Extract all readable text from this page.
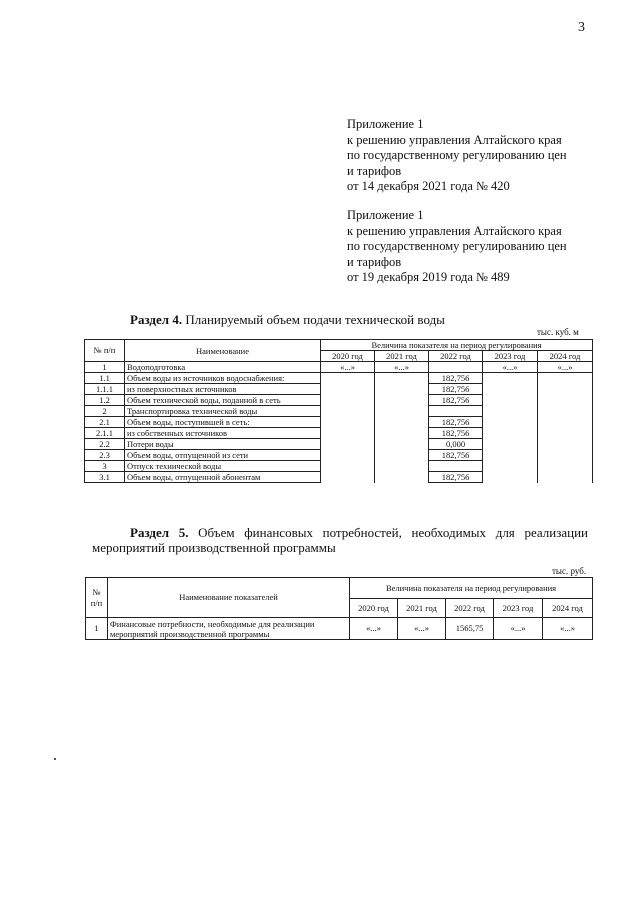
3
Приложение 1
к решению управления Алтайского края
по государственному регулированию цен
и тарифов
от 14 декабря 2021 года № 420
Приложение 1
к решению управления Алтайского края
по государственному регулированию цен
и тарифов
от 19 декабря 2019 года № 489
Раздел 4. Планируемый объем подачи технической воды
тыс. куб. м
№ п/п	Наименование	Величина показателя на период регулирования				
		2020 год	2021 год	2022 год	2023 год	2024 год
1	Водоподготовка	«...»	«...»		«...»	«...»
1.1	Объем воды из источников водоснабжения:			182,756		
1.1.1	из поверхностных источников			182,756		
1.2	Объем технической воды, поданной в сеть			182,756		
2	Транспортировка технической воды					
2.1	Объем воды, поступившей в сеть:			182,756		
2.1.1	из собственных источников			182,756		
2.2	Потери воды			0,000		
2.3	Объем воды, отпущенной из сети			182,756		
3	Отпуск технической воды					
3.1	Объем воды, отпущенной абонентам			182,756		
Раздел 5. Объем финансовых потребностей, необходимых для реализации
мероприятий производственной программы
тыс. руб.
№ п/п	Наименование показателей	Величина показателя на период регулирования				
		2020 год	2021 год	2022 год	2023 год	2024 год
1	Финансовые потребности, необходимые для реализации
мероприятий производственной программы	«...»	«...»	1565,75	«...»	«...»
